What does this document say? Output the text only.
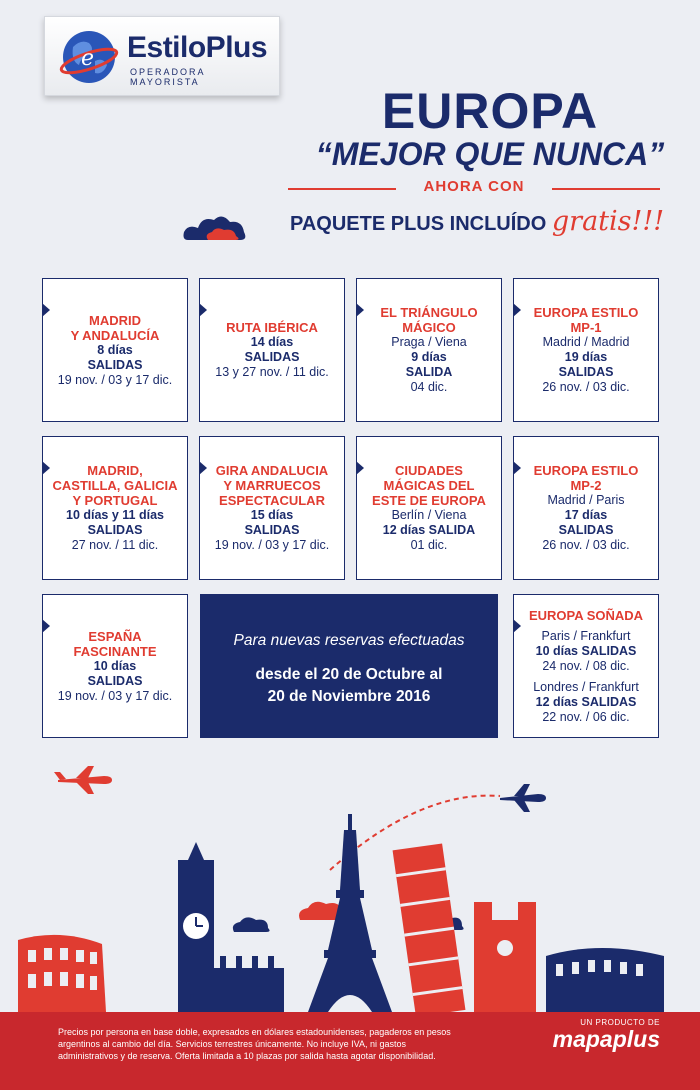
e EstiloPlus
OPERADORA MAYORISTA
EUROPA
“MEJOR QUE NUNCA”
AHORA CON
PAQUETE PLUS INCLUÍDO gratis!!!
MADRID
Y ANDALUCÍA
8 días
SALIDAS
19 nov. / 03 y 17 dic.
RUTA IBÉRICA
14 días
SALIDAS
13 y 27 nov. / 11 dic.
EL TRIÁNGULO
MÁGICO
Praga / Viena
9 días
SALIDA
04 dic.
EUROPA ESTILO
MP-1
Madrid / Madrid
19 días
SALIDAS
26 nov. / 03 dic.
MADRID,
CASTILLA, GALICIA
Y PORTUGAL
10 días y 11 días
SALIDAS
27 nov. / 11 dic.
GIRA ANDALUCIA
Y MARRUECOS
ESPECTACULAR
15 días
SALIDAS
19 nov. / 03 y 17 dic.
CIUDADES
MÁGICAS DEL
ESTE DE EUROPA
Berlín / Viena
12 días SALIDA
01 dic.
EUROPA ESTILO
MP-2
Madrid / Paris
17 días
SALIDAS
26 nov. / 03 dic.
ESPAÑA
FASCINANTE
10 días
SALIDAS
19 nov. / 03 y 17 dic.
Para nuevas reservas efectuadas
desde el 20 de Octubre al
20 de Noviembre 2016
EUROPA SOÑADA
Paris / Frankfurt
10 días SALIDAS
24 nov. / 08 dic.
Londres / Frankfurt
12 días SALIDAS
22 nov. / 06 dic.
Precios por persona en base doble, expresados en dólares estadounidenses, pagaderos en pesos argentinos al cambio del día. Servicios terrestres únicamente. No incluye IVA, ni gastos administrativos y de reserva. Oferta limitada a 10 plazas por salida hasta agotar disponibilidad.
UN PRODUCTO DE
mapaplus
